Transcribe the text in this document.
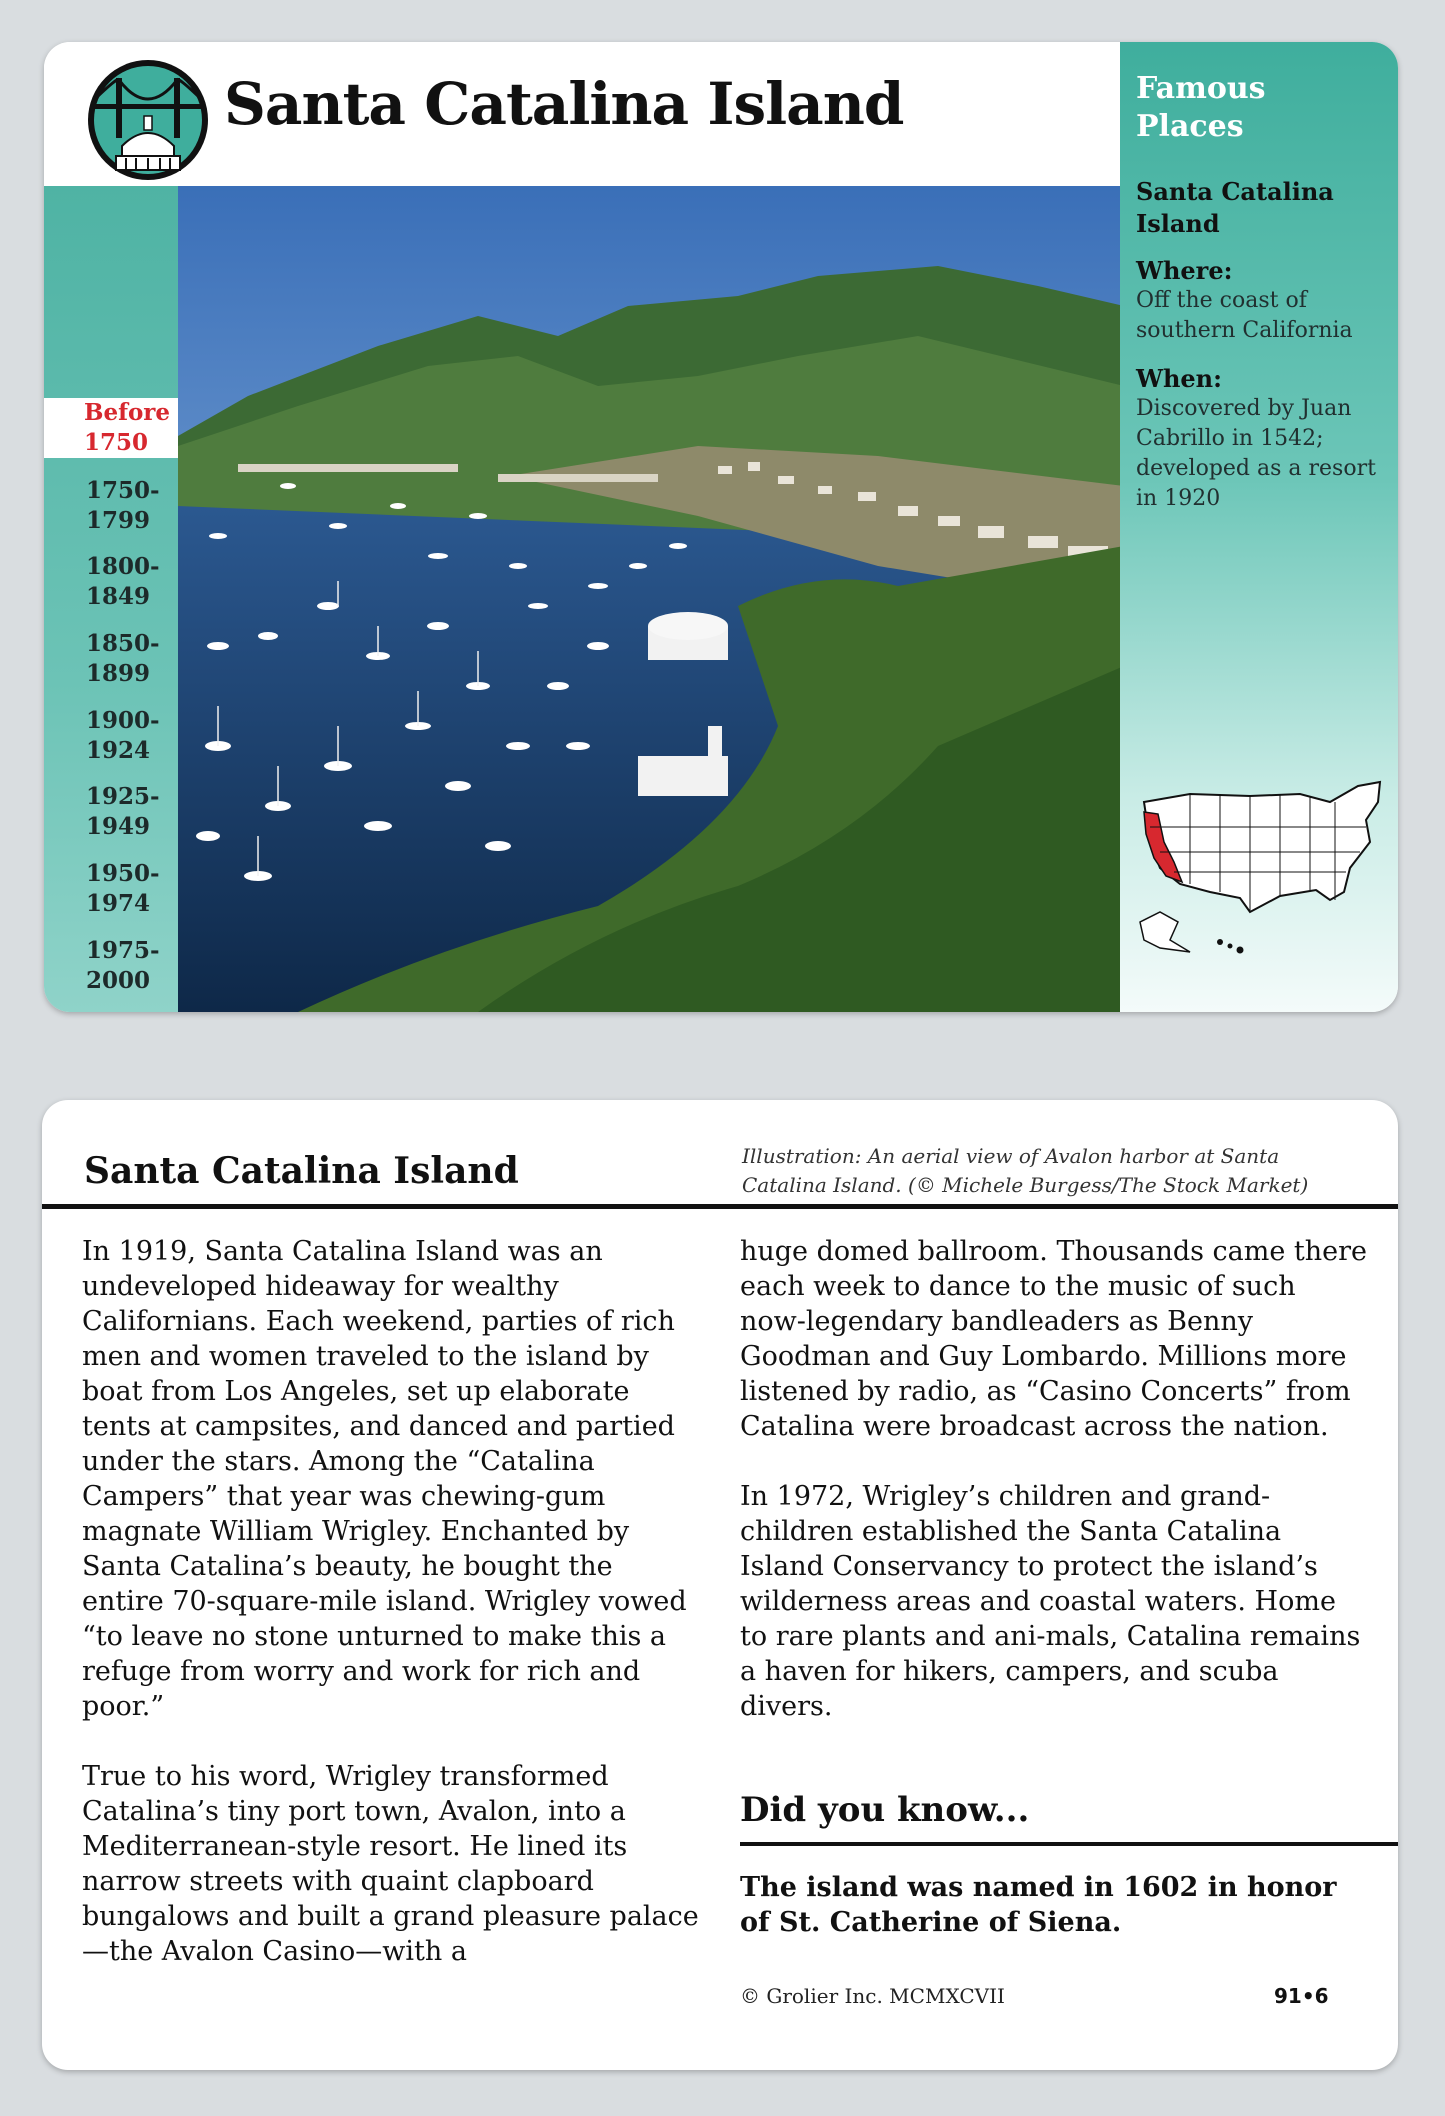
Santa Catalina Island
Before
1750
1750-
1799
1800-
1849
1850-
1899
1900-
1924
1925-
1949
1950-
1974
1975-
2000
Famous Places
Santa Catalina Island
Where:
Off the coast of southern California
When:
Discovered by Juan Cabrillo in 1542; developed as a resort in 1920
Santa Catalina Island	Illustration: An aerial view of Avalon harbor at Santa Catalina Island. (© Michele Burgess/The Stock Market)

In 1919, Santa Catalina Island was an undeveloped hideaway for wealthy Californians. Each weekend, parties of rich men and women traveled to the island by boat from Los Angeles, set up elaborate tents at campsites, and danced and partied under the stars. Among the “Catalina Campers” that year was chewing-gum magnate William Wrigley. Enchanted by Santa Catalina’s beauty, he bought the entire 70-square-mile island. Wrigley vowed “to leave no stone unturned to make this a refuge from worry and work for rich and poor.”

True to his word, Wrigley transformed Catalina’s tiny port town, Avalon, into a Mediterranean-style resort. He lined its narrow streets with quaint clapboard bungalows and built a grand pleasure palace—the Avalon Casino—with a

huge domed ballroom. Thousands came there each week to dance to the music of such now-legendary bandleaders as Benny Goodman and Guy Lombardo. Millions more listened by radio, as “Casino Concerts” from Catalina were broadcast across the nation.

In 1972, Wrigley’s children and grand-children established the Santa Catalina Island Conservancy to protect the island’s wilderness areas and coastal waters. Home to rare plants and ani-mals, Catalina remains a haven for hikers, campers, and scuba divers.

Did you know...
The island was named in 1602 in honor of St. Catherine of Siena.
© Grolier Inc. MCMXCVII	91•6
